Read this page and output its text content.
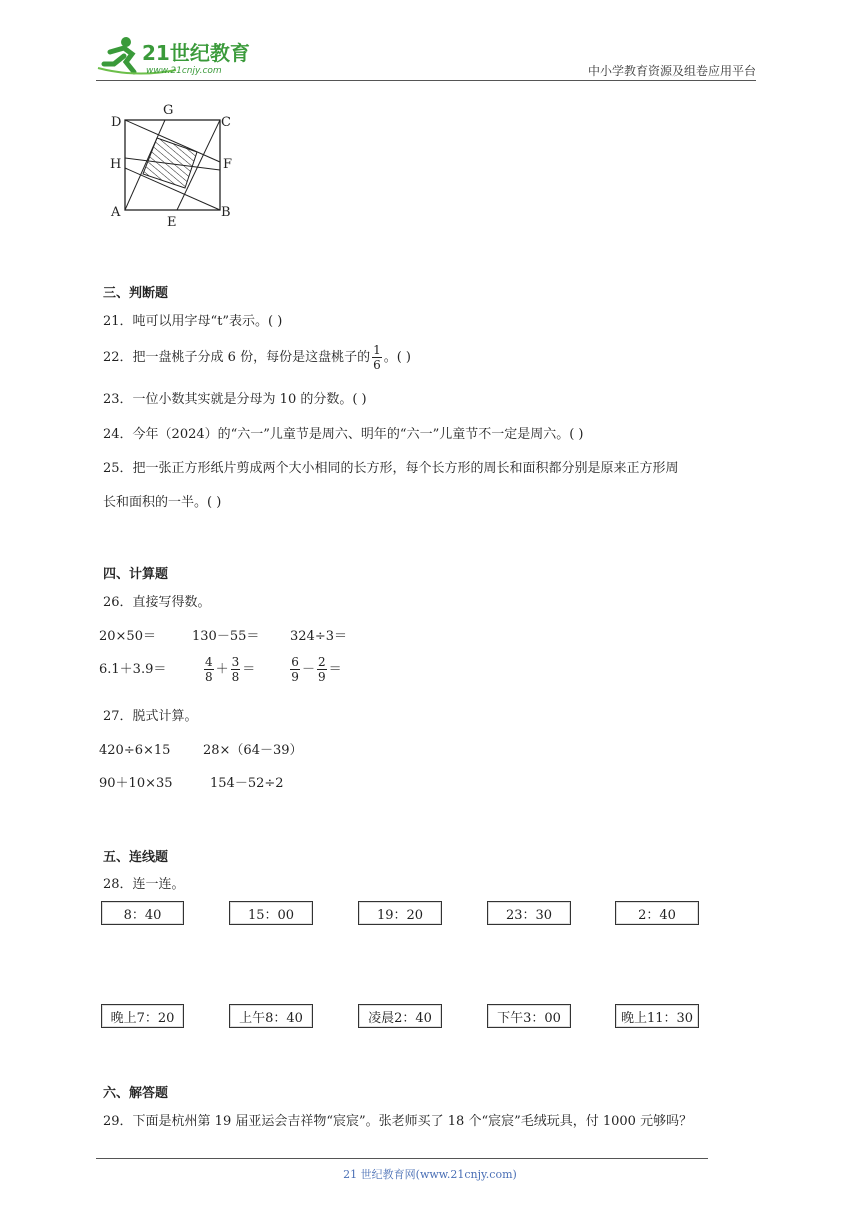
21世纪教育
www.21cnjy.com	中小学教育资源及组卷应用平台
D
G
C
H	F
A
E
B
三、判断题
21．吨可以用字母“t”表示。( )
22．把一盘桃子分成 6 份，每份是这盘桃子的 $\frac{1}{6}$ 。( )
23．一位小数其实就是分母为 10 的分数。( )
24．今年（2024）的“六一”儿童节是周六、明年的“六一”儿童节不一定是周六。( )
25．把一张正方形纸片剪成两个大小相同的长方形，每个长方形的周长和面积都分别是原来正方形周
长和面积的一半。( )
四、计算题
26．直接写得数。
20×50＝	130－55＝ 324÷3＝
6.1＋3.9＝	$\frac{4}{8} + \frac{3}{8}$ ＝	$\frac{6}{9} - \frac{2}{9}$ ＝
27．脱式计算。
420÷6×15	28×（64－39）
90＋10×35	154－52÷2
五、连线题
28．连一连。
8：40	15：00	19：20	23：30	2：40
晚上7：20	上午8：40	凌晨2：40	下午3：00	晚上11：30
六、解答题
29．下面是杭州第 19 届亚运会吉祥物“宸宸”。张老师买了 18 个“宸宸”毛绒玩具，付 1000 元够吗？
21 世纪教育网(www.21cnjy.com)
